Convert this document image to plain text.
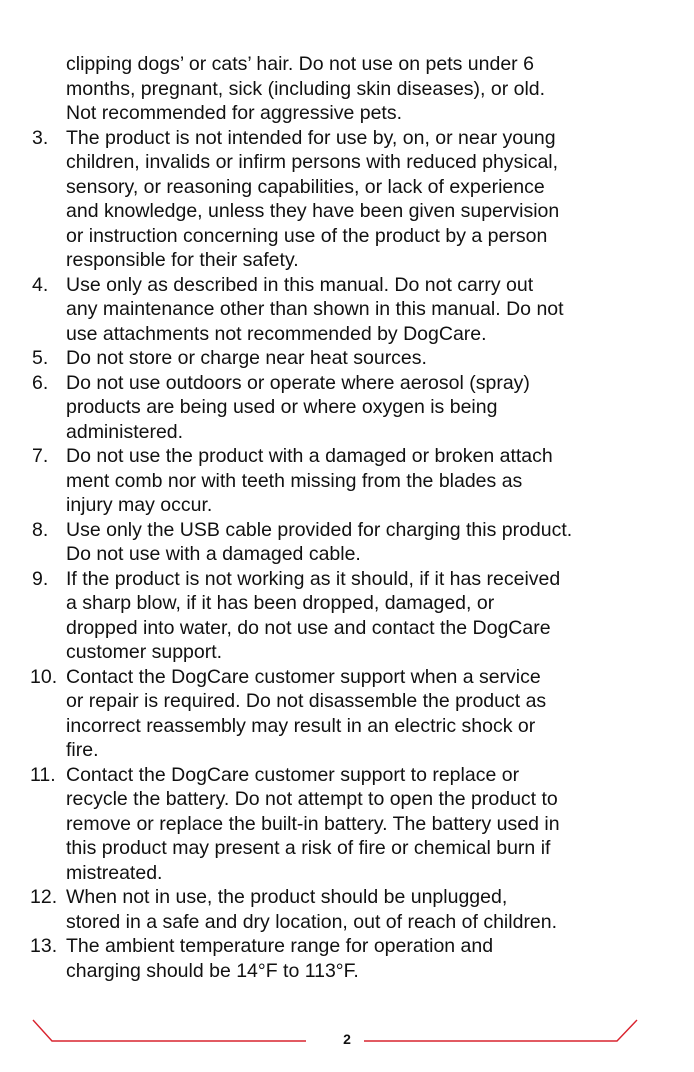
clipping dogs’ or cats’ hair. Do not use on pets under 6
months, pregnant, sick (including skin diseases), or old.
Not recommended for aggressive pets.
3. The product is not intended for use by, on, or near young
children, invalids or infirm persons with reduced physical,
sensory, or reasoning capabilities, or lack of experience
and knowledge, unless they have been given supervision
or instruction concerning use of the product by a person
responsible for their safety.
4. Use only as described in this manual. Do not carry out
any maintenance other than shown in this manual. Do not
use attachments not recommended by DogCare.
5. Do not store or charge near heat sources.
6. Do not use outdoors or operate where aerosol (spray)
products are being used or where oxygen is being
administered.
7. Do not use the product with a damaged or broken attach
ment comb nor with teeth missing from the blades as
injury may occur.
8. Use only the USB cable provided for charging this product.
Do not use with a damaged cable.
9. If the product is not working as it should, if it has received
a sharp blow, if it has been dropped, damaged, or
dropped into water, do not use and contact the DogCare
customer support.
10. Contact the DogCare customer support when a service
or repair is required. Do not disassemble the product as
incorrect reassembly may result in an electric shock or
fire.
11. Contact the DogCare customer support to replace or
recycle the battery. Do not attempt to open the product to
remove or replace the built-in battery. The battery used in
this product may present a risk of fire or chemical burn if
mistreated.
12. When not in use, the product should be unplugged,
stored in a safe and dry location, out of reach of children.
13. The ambient temperature range for operation and
charging should be 14°F to 113°F.
2
